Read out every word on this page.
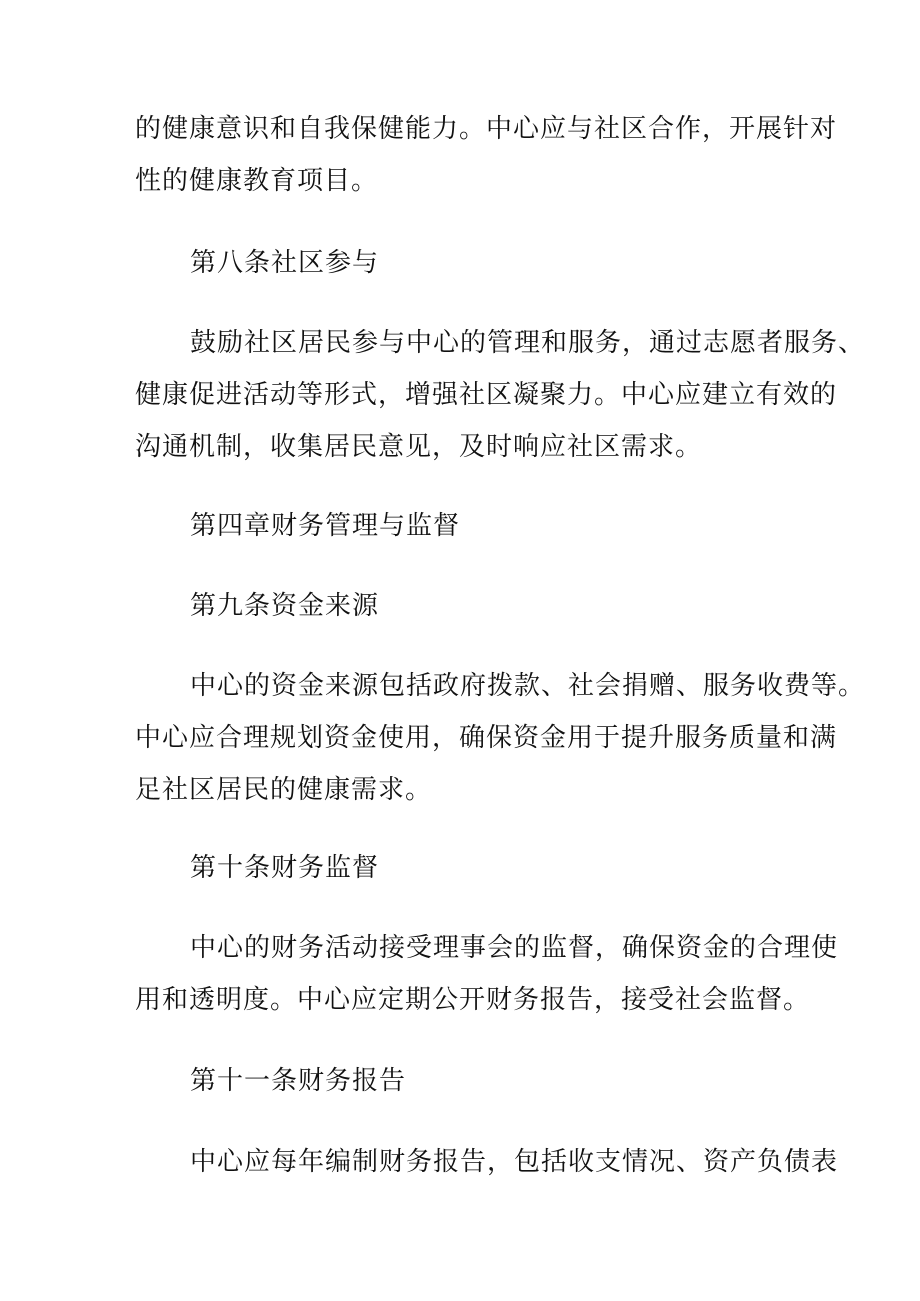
的健康意识和自我保健能力。中心应与社区合作，开展针对
性的健康教育项目。
第八条社区参与
鼓励社区居民参与中心的管理和服务，通过志愿者服务、
健康促进活动等形式，增强社区凝聚力。中心应建立有效的
沟通机制，收集居民意见，及时响应社区需求。
第四章财务管理与监督
第九条资金来源
中心的资金来源包括政府拨款、社会捐赠、服务收费等。
中心应合理规划资金使用，确保资金用于提升服务质量和满
足社区居民的健康需求。
第十条财务监督
中心的财务活动接受理事会的监督，确保资金的合理使
用和透明度。中心应定期公开财务报告，接受社会监督。
第十一条财务报告
中心应每年编制财务报告，包括收支情况、资产负债表
